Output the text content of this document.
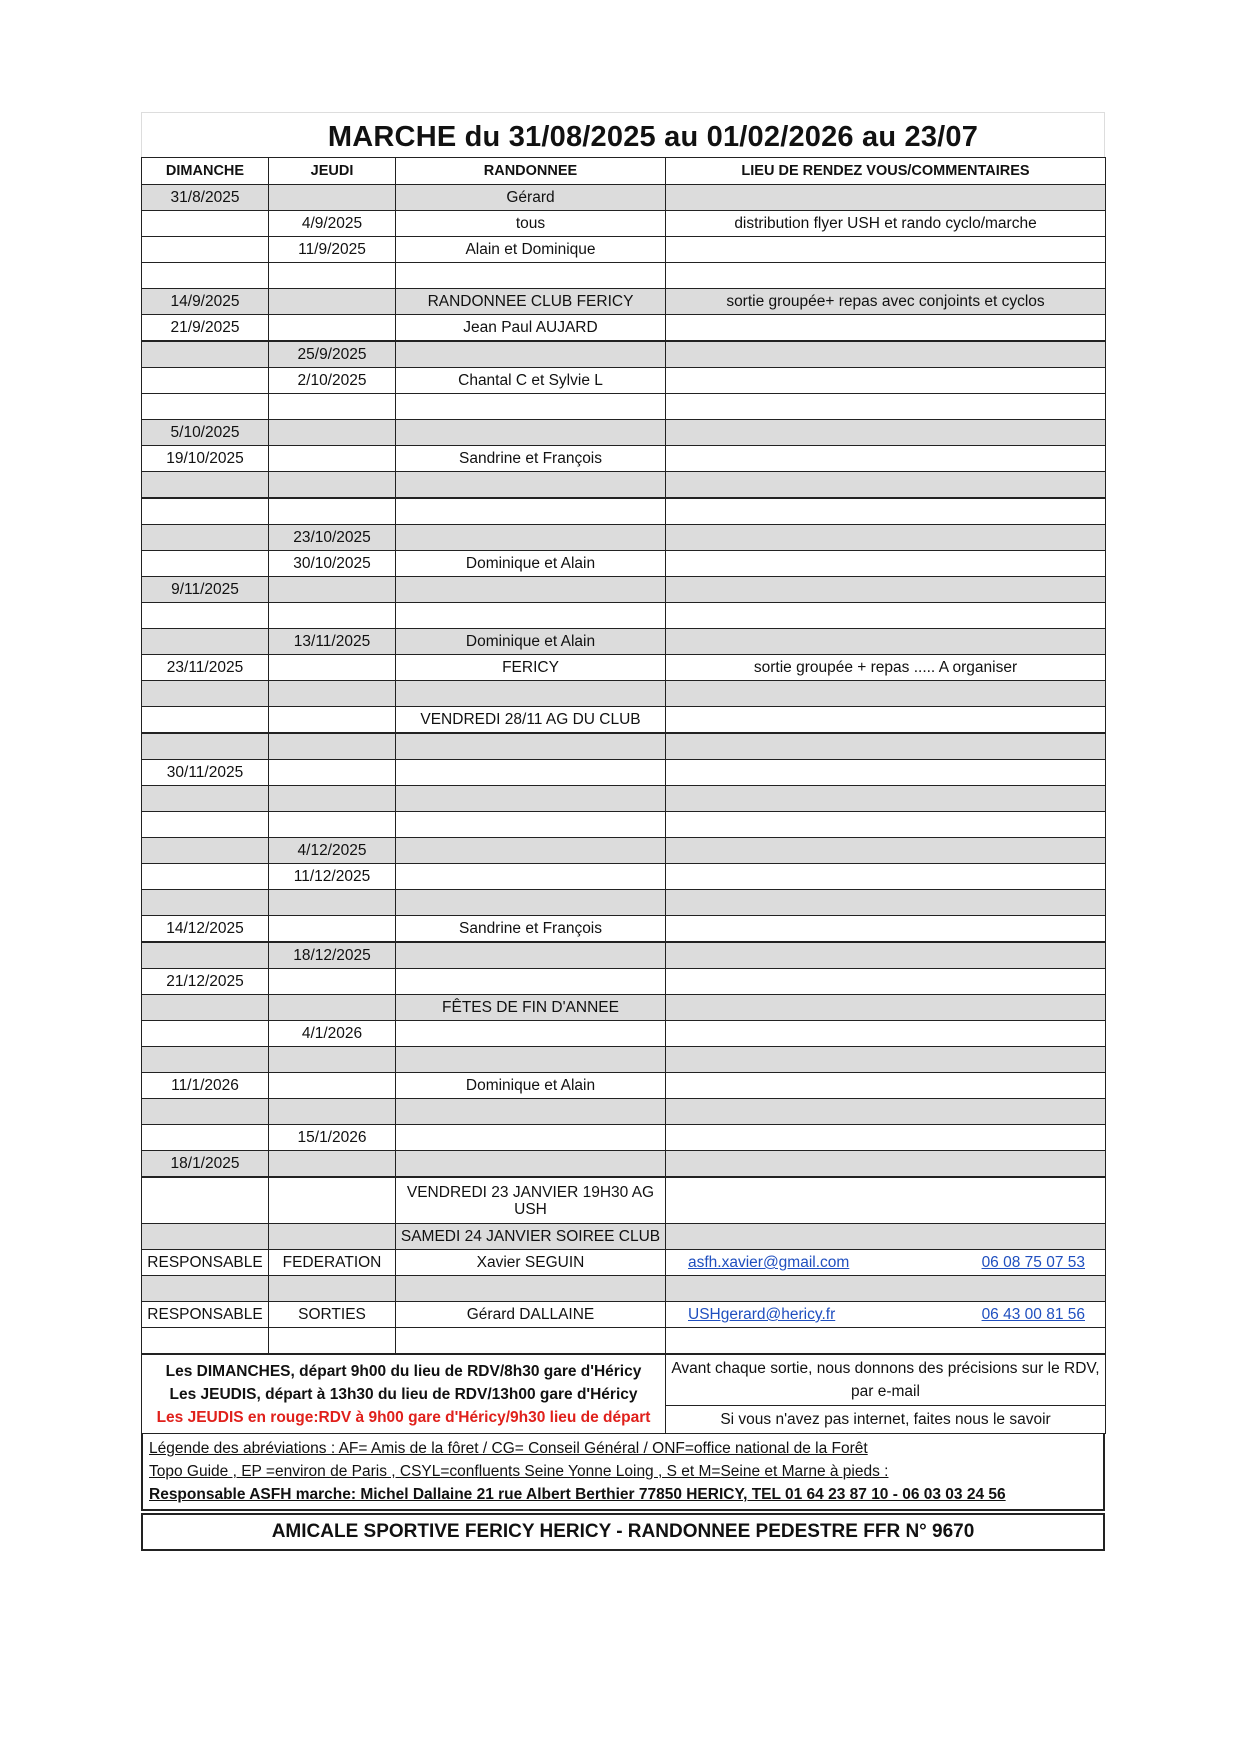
MARCHE du 31/08/2025 au 01/02/2026 au 23/07
DIMANCHE	JEUDI	RANDONNEE	LIEU DE RENDEZ VOUS/COMMENTAIRES
31/8/2025		Gérard	
	4/9/2025	tous	distribution flyer USH et rando cyclo/marche
	11/9/2025	Alain et Dominique	

14/9/2025		RANDONNEE CLUB FERICY	sortie groupée+ repas avec conjoints et cyclos
21/9/2025		Jean Paul AUJARD	
	25/9/2025		
	2/10/2025	Chantal C et Sylvie L	

5/10/2025			
19/10/2025		Sandrine et François	

	23/10/2025		
	30/10/2025	Dominique et Alain	
9/11/2025			

	13/11/2025	Dominique et Alain	
23/11/2025		FERICY	sortie groupée + repas ..... A organiser

		VENDREDI 28/11 AG DU CLUB	

30/11/2025			

	4/12/2025		
	11/12/2025		

14/12/2025		Sandrine et François	
	18/12/2025		
21/12/2025			
		FÊTES DE FIN D'ANNEE	
	4/1/2026		

11/1/2026		Dominique et Alain	

	15/1/2026		
18/1/2025			
		VENDREDI 23 JANVIER 19H30 AG USH	
		SAMEDI 24 JANVIER SOIREE CLUB	
RESPONSABLE	FEDERATION	Xavier SEGUIN	asfh.xavier@gmail.com 06 08 75 07 53

RESPONSABLE	SORTIES	Gérard DALLAINE	USHgerard@hericy.fr 06 43 00 81 56

Les DIMANCHES, départ 9h00 du lieu de RDV/8h30 gare d'Héricy
Les JEUDIS, départ à 13h30 du lieu de RDV/13h00 gare d'Héricy
Les JEUDIS en rouge:RDV à 9h00 gare d'Héricy/9h30 lieu de départ
	Avant chaque sortie, nous donnons des précisions sur le RDV, par e-mail
Si vous n'avez pas internet, faites nous le savoir
Légende des abréviations : AF= Amis de la fôret / CG= Conseil Général / ONF=office national de la Forêt
Topo Guide , EP =environ de Paris , CSYL=confluents Seine Yonne Loing , S et M=Seine et Marne à pieds :
Responsable ASFH marche: Michel Dallaine 21 rue Albert Berthier 77850 HERICY, TEL 01 64 23 87 10 - 06 03 03 24 56
AMICALE SPORTIVE FERICY HERICY - RANDONNEE PEDESTRE FFR N° 9670
